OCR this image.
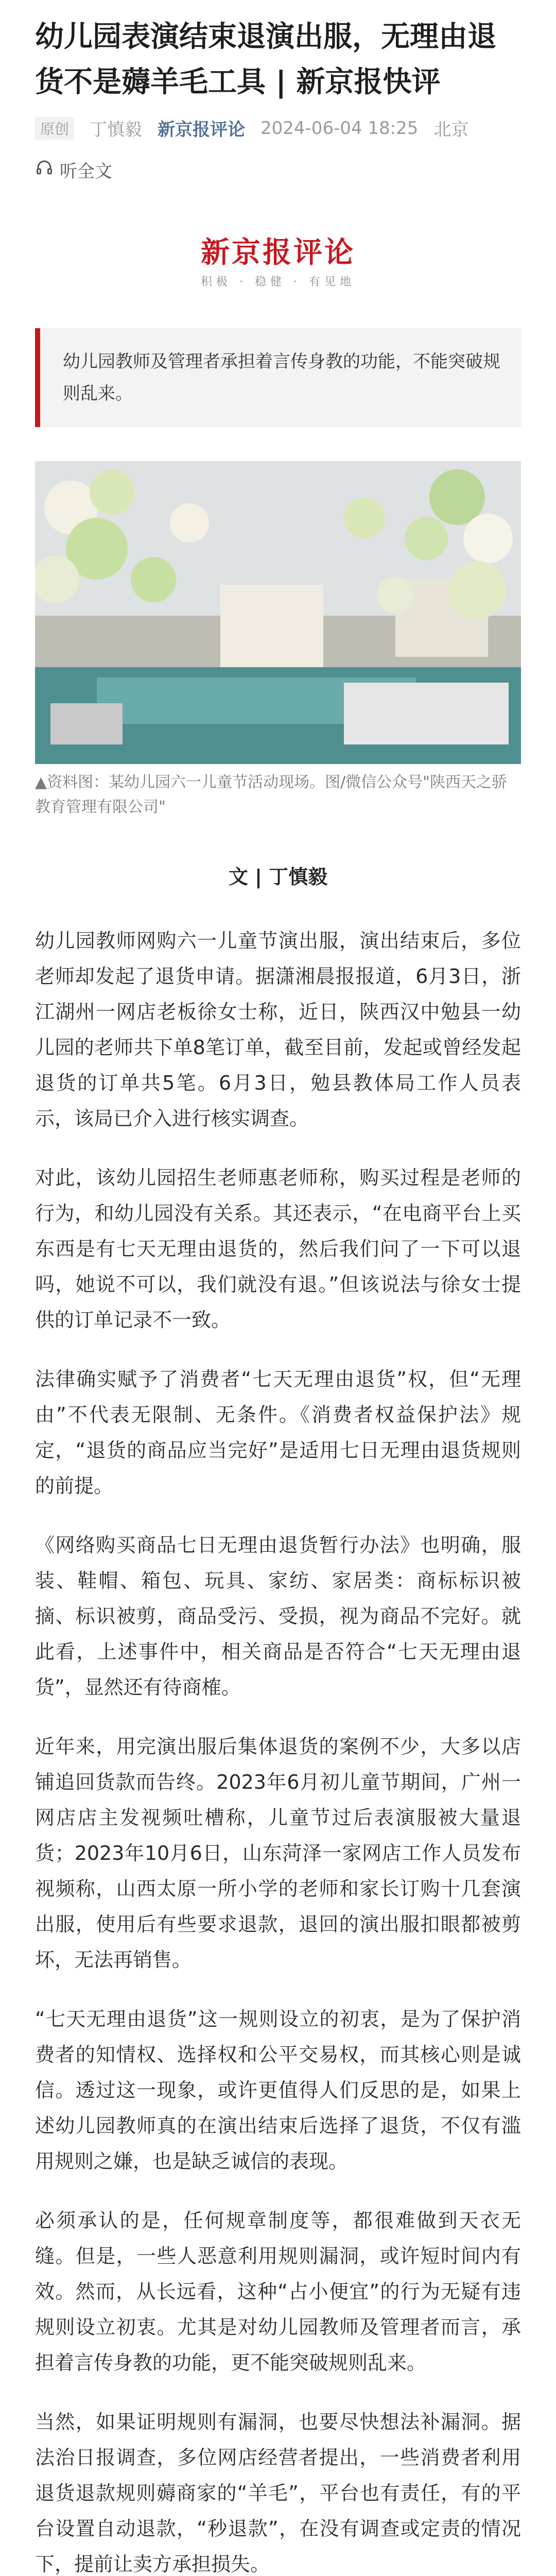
幼儿园表演结束退演出服，无理由退货不是薅羊毛工具 | 新京报快评
原创 丁慎毅 新京报评论 2024-06-04 18:25 北京
听全文
新京报评论
积极 · 稳健 · 有见地
幼儿园教师及管理者承担着言传身教的功能，不能突破规则乱来。
▲资料图：某幼儿园六一儿童节活动现场。图/微信公众号"陕西天之骄教育管理有限公司"
文 | 丁慎毅

幼儿园教师网购六一儿童节演出服，演出结束后，多位老师却发起了退货申请。据潇湘晨报报道，6月3日，浙江湖州一网店老板徐女士称，近日，陕西汉中勉县一幼儿园的老师共下单8笔订单，截至目前，发起或曾经发起退货的订单共5笔。6月3日，勉县教体局工作人员表示，该局已介入进行核实调查。

对此，该幼儿园招生老师惠老师称，购买过程是老师的行为，和幼儿园没有关系。其还表示，“在电商平台上买东西是有七天无理由退货的，然后我们问了一下可以退吗，她说不可以，我们就没有退。”但该说法与徐女士提供的订单记录不一致。

法律确实赋予了消费者“七天无理由退货”权，但“无理由”不代表无限制、无条件。《消费者权益保护法》规定，“退货的商品应当完好”是适用七日无理由退货规则的前提。

《网络购买商品七日无理由退货暂行办法》也明确，服装、鞋帽、箱包、玩具、家纺、家居类：商标标识被摘、标识被剪，商品受污、受损，视为商品不完好。就此看，上述事件中，相关商品是否符合“七天无理由退货”，显然还有待商榷。

近年来，用完演出服后集体退货的案例不少，大多以店铺追回货款而告终。2023年6月初儿童节期间，广州一网店店主发视频吐槽称，儿童节过后表演服被大量退货；2023年10月6日，山东菏泽一家网店工作人员发布视频称，山西太原一所小学的老师和家长订购十几套演出服，使用后有些要求退款，退回的演出服扣眼都被剪坏，无法再销售。

“七天无理由退货”这一规则设立的初衷，是为了保护消费者的知情权、选择权和公平交易权，而其核心则是诚信。透过这一现象，或许更值得人们反思的是，如果上述幼儿园教师真的在演出结束后选择了退货，不仅有滥用规则之嫌，也是缺乏诚信的表现。

必须承认的是，任何规章制度等，都很难做到天衣无缝。但是，一些人恶意利用规则漏洞，或许短时间内有效。然而，从长远看，这种“占小便宜”的行为无疑有违规则设立初衷。尤其是对幼儿园教师及管理者而言，承担着言传身教的功能，更不能突破规则乱来。

当然，如果证明规则有漏洞，也要尽快想法补漏洞。据法治日报调查，多位网店经营者提出，一些消费者利用退货退款规则薅商家的“羊毛”，平台也有责任，有的平台设置自动退款，“秒退款”，在没有调查或定责的情况下，提前让卖方承担损失。
